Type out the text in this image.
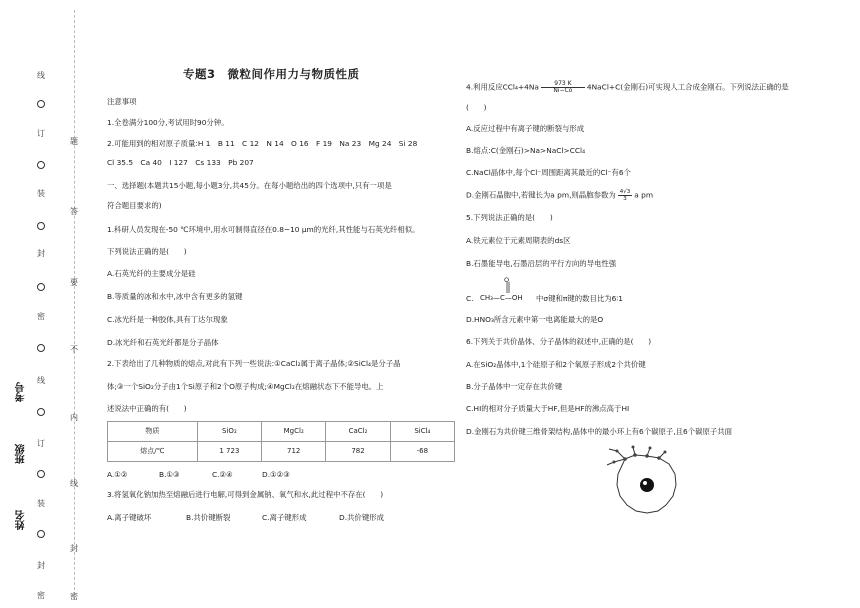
线
订
装
封
密
线
订
装
封
密
题
答
要
不
内
线
封
密
考号
班级
姓名
专题3　微粒间作用力与物质性质
注意事项
1.全卷满分100分,考试用时90分钟。
2.可能用到的相对原子质量:H 1　B 11　C 12　N 14　O 16　F 19　Na 23　Mg 24　Si 28
Cl 35.5　Ca 40　I 127　Cs 133　Pb 207
一、选择题(本题共15小题,每小题3分,共45分。在每小题给出的四个选项中,只有一项是
符合题目要求的)
1.科研人员发现在-50 ℃环境中,用水可制得直径在0.8~10 μm的光纤,其性能与石英光纤相似。
下列说法正确的是(　　)
A.石英光纤的主要成分是硅
B.等质量的冰和水中,冰中含有更多的氢键
C.冰光纤是一种胶体,具有丁达尔现象
D.冰光纤和石英光纤都是分子晶体
2.下表给出了几种物质的熔点,对此有下列一些说法:①CaCl₂属于离子晶体;②SiCl₄是分子晶
体;③一个SiO₂分子由1个Si原子和2个O原子构成;④MgCl₂在熔融状态下不能导电。上
述说法中正确的有(　　)
物质	SiO₂	MgCl₂	CaCl₂	SiCl₄
熔点/℃	1 723	712	782	-68
A.①②	B.①③	C.②④	D.①②③
3.将氢氧化钠加热至熔融后进行电解,可得到金属钠、氧气和水,此过程中不存在(　　)
A.离子键破坏	B.共价键断裂	C.离子键形成	D.共价键形成
4.利用反应$CCl_4+4Na \frac{973 K}{Ni-Co}$ 4NaCl+C(金刚石)可实现人工合成金刚石。下列说法正确的是
(　　)
A.反应过程中有离子键的断裂与形成
B.熔点:C(金刚石)>Na>NaCl>CCl₄
C.NaCl晶体中,每个Cl⁻周围距离其最近的Cl⁻有6个
D.金刚石晶胞中,若键长为a pm,则晶胞参数为 $\frac{4√3}{3}$ a pm
5.下列说法正确的是(　　)
A.铁元素位于元素周期表的ds区
B.石墨能导电,石墨沿层的平行方向的导电性强
C. CH₃—C—OH
O
中σ键和π键的数目比为6∶1
D.HNO₃所含元素中第一电离能最大的是O
6.下列关于共价晶体、分子晶体的叙述中,正确的是(　　)
A.在SiO₂晶体中,1个硅原子和2个氧原子形成2个共价键
B.分子晶体中一定存在共价键
C.HI的相对分子质量大于HF,但是HF的沸点高于HI
D.金刚石为共价键三维骨架结构,晶体中的最小环上有6个碳原子,且6个碳原子共面
